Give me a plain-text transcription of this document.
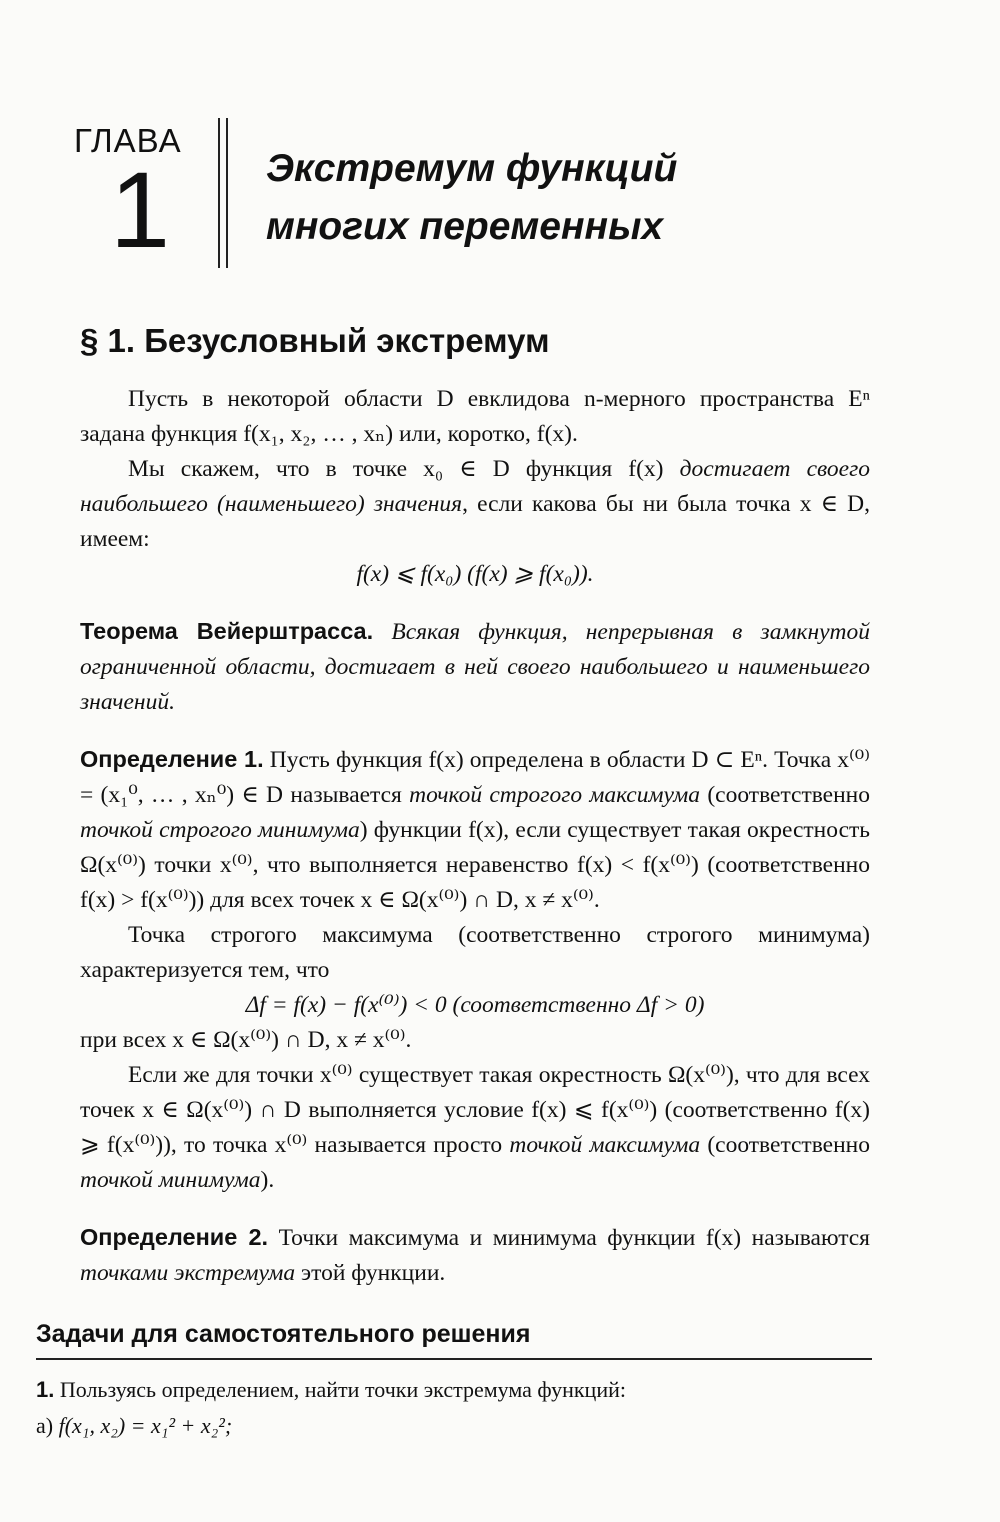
ГЛАВА
1 Экстремум функций
многих переменных
§ 1. Безусловный экстремум

Пусть в некоторой области D евклидова n-мерного пространства Eⁿ задана функция f(x₁, x₂, … , xₙ) или, коротко, f(x).

Мы скажем, что в точке x₀ ∈ D функция f(x) достигает своего наибольшего (наименьшего) значения, если какова бы ни была точка x ∈ D, имеем:

f(x) ⩽ f(x₀) (f(x) ⩾ f(x₀)).

Теорема Вейерштрасса. Всякая функция, непрерывная в замкнутой ограниченной области, достигает в ней своего наибольшего и наименьшего значений.

Определение 1. Пусть функция f(x) определена в области D ⊂ Eⁿ. Точка x⁽⁰⁾ = (x₁⁰, … , xₙ⁰) ∈ D называется точкой строгого максимума (соответственно точкой строгого минимума) функции f(x), если существует такая окрестность Ω(x⁽⁰⁾) точки x⁽⁰⁾, что выполняется неравенство f(x) < f(x⁽⁰⁾) (соответственно f(x) > f(x⁽⁰⁾)) для всех точек x ∈ Ω(x⁽⁰⁾) ∩ D, x ≠ x⁽⁰⁾.

Точка строгого максимума (соответственно строгого минимума) характеризуется тем, что

Δf = f(x) − f(x⁽⁰⁾) < 0 (соответственно Δf > 0)

при всех x ∈ Ω(x⁽⁰⁾) ∩ D, x ≠ x⁽⁰⁾.

Если же для точки x⁽⁰⁾ существует такая окрестность Ω(x⁽⁰⁾), что для всех точек x ∈ Ω(x⁽⁰⁾) ∩ D выполняется условие f(x) ⩽ f(x⁽⁰⁾) (соответственно f(x) ⩾ f(x⁽⁰⁾)), то точка x⁽⁰⁾ называется просто точкой максимума (соответственно точкой минимума).

Определение 2. Точки максимума и минимума функции f(x) называются точками экстремума этой функции.

Задачи для самостоятельного решения
1. Пользуясь определением, найти точки экстремума функций:
а) f(x₁, x₂) = x₁² + x₂²;
